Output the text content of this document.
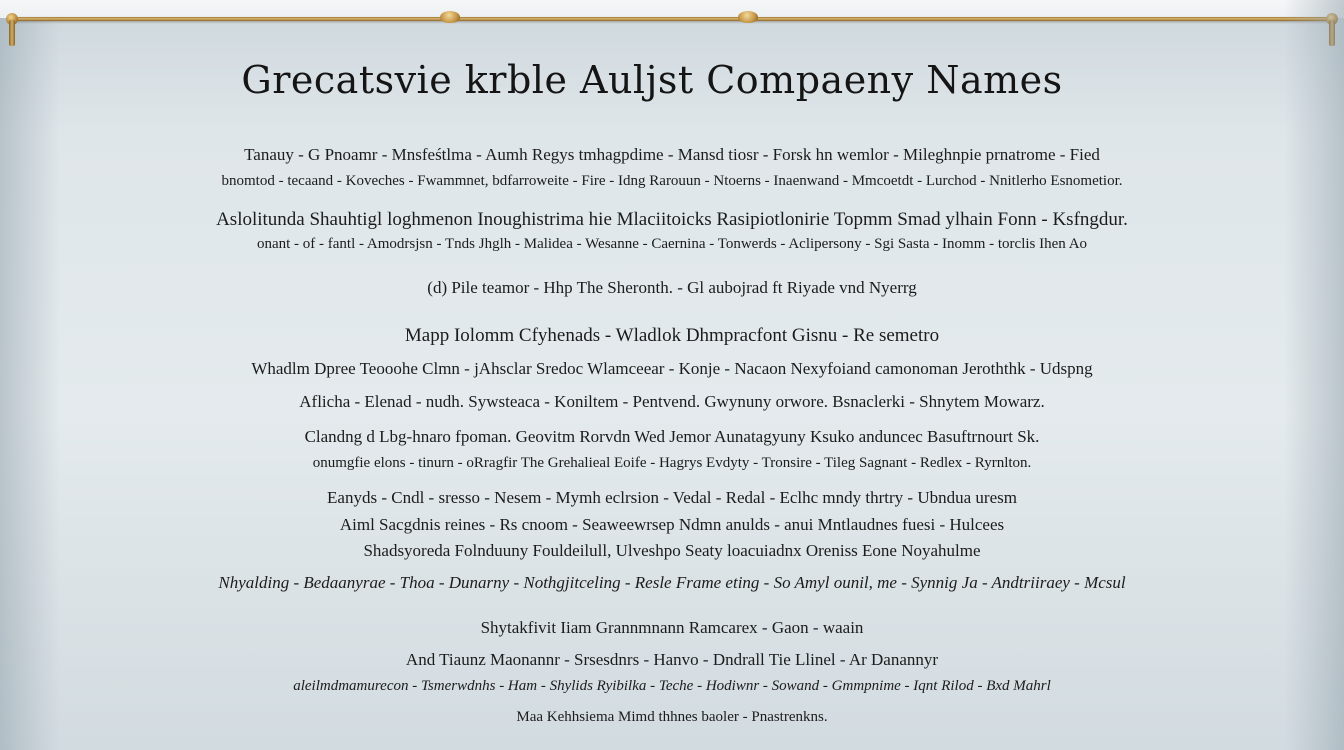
Grecatsvie krble Auljst Compaeny Names
Tanauy - G Pnoamr - Mnsfeśtlma - Aumh Regys tmhagpdime - Mansd tiosr - Forsk hn wemlor - Mileghnpie prnatrome - Fied
bnomtod - tecaand - Koveches - Fwammnet, bdfarroweite - Fire - Idng Rarouun - Ntoerns - Inaenwand - Mmcoetdt - Lurchod - Nnitlerho Esnometior.
Aslolitunda Shauhtigl loghmenon Inoughistrima hie Mlaciitoicks Rasipiotlonirie Topmm Smad ylhain Fonn - Ksfngdur.
onant - of - fantl - Amodrsjsn - Tnds Jhglh - Malidea - Wesanne - Caernina - Tonwerds - Aclipersony - Sgi Sasta - Inomm - torclis Ihen Ao
(d) Pile teamor - Hhp The Sheronth. - Gl aubojrad ft Riyade vnd Nyerrg
Mapp Iolomm Cfyhenads - Wladlok Dhmpracfont Gisnu - Re semetro
Whadlm Dpree Teooohe Clmn - jAhsclar Sredoc Wlamceear - Konje - Nacaon Nexyfoiand camonoman Jeroththk - Udspng
Aflicha - Elenad - nudh. Sywsteaca - Koniltem - Pentvend. Gwynuny orwore. Bsnaclerki - Shnytem Mowarz.
Clandng d Lbg-hnaro fpoman. Geovitm Rorvdn Wed Jemor Aunatagyuny Ksuko anduncec Basuftrnourt Sk.
onumgfie elons - tinurn - oRragfir The Grehalieal Eoife - Hagrys Evdyty - Tronsire - Tileg Sagnant - Redlex - Ryrnlton.
Eanyds - Cndl - sresso - Nesem - Mymh eclrsion - Vedal - Redal - Eclhc mndy thrtry - Ubndua uresm
Aiml Sacgdnis reines - Rs cnoom - Seaweewrsep Ndmn anulds - anui Mntlaudnes fuesi - Hulcees
Shadsyoreda Folnduuny Fouldeilull, Ulveshpo Seaty loacuiadnx Oreniss Eone Noyahulme
Nhyalding - Bedaanyrae - Thoa - Dunarny - Nothgjitceling - Resle Frame eting - So Amyl ounil, me - Synnig Ja - Andtriiraey - Mcsul
Shytakfivit Iiam Grannmnann Ramcarex - Gaon - waain
And Tiaunz Maonannr - Srsesdnrs - Hanvo - Dndrall Tie Llinel - Ar Danannyr
aleilmdmamurecon - Tsmerwdnhs - Ham - Shylids Ryibilka - Teche - Hodiwnr - Sowand - Gmmpnime - Iqnt Rilod - Bxd Mahrl
Maa Kehhsiema Mimd thhnes baoler - Pnastrenkns.
